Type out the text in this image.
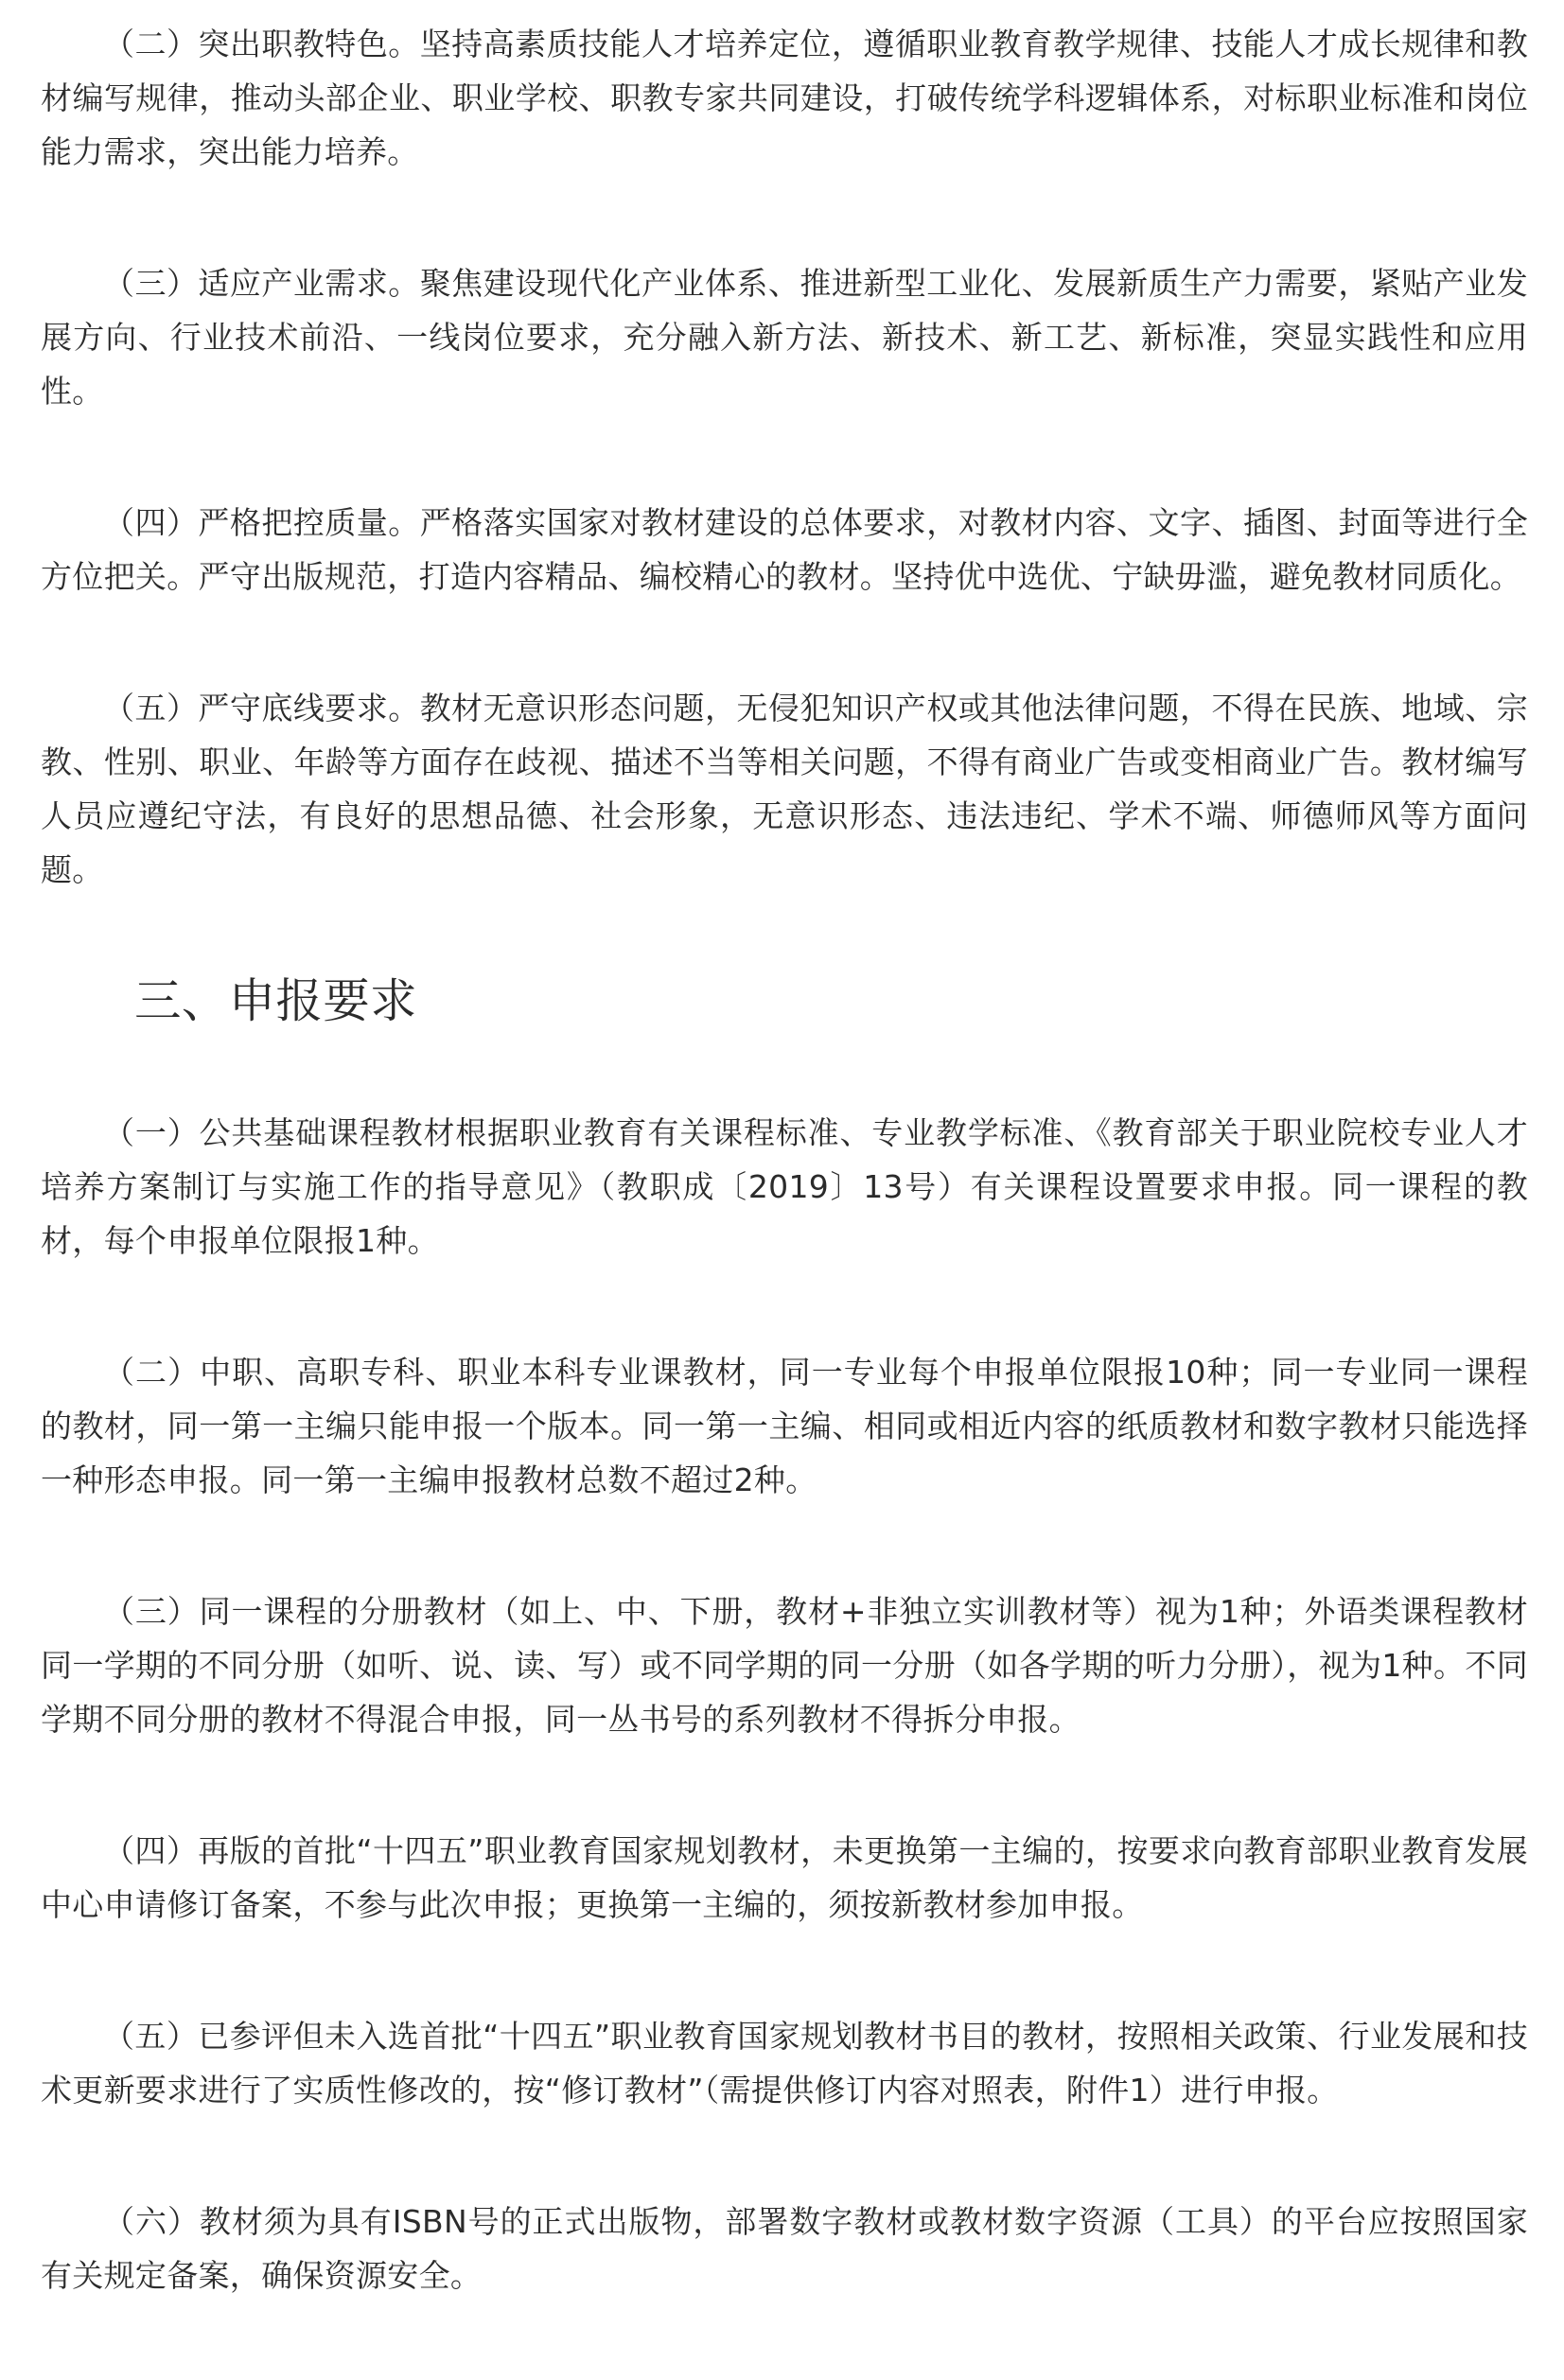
（二）突出职教特色。坚持高素质技能人才培养定位，遵循职业教育教学规律、技能人才成长规律和教材编写规律，推动头部企业、职业学校、职教专家共同建设，打破传统学科逻辑体系，对标职业标准和岗位能力需求，突出能力培养。

（三）适应产业需求。聚焦建设现代化产业体系、推进新型工业化、发展新质生产力需要，紧贴产业发展方向、行业技术前沿、一线岗位要求，充分融入新方法、新技术、新工艺、新标准，突显实践性和应用性。

（四）严格把控质量。严格落实国家对教材建设的总体要求，对教材内容、文字、插图、封面等进行全方位把关。严守出版规范，打造内容精品、编校精心的教材。坚持优中选优、宁缺毋滥，避免教材同质化。

（五）严守底线要求。教材无意识形态问题，无侵犯知识产权或其他法律问题，不得在民族、地域、宗教、性别、职业、年龄等方面存在歧视、描述不当等相关问题，不得有商业广告或变相商业广告。教材编写人员应遵纪守法，有良好的思想品德、社会形象，无意识形态、违法违纪、学术不端、师德师风等方面问题。

三、申报要求

（一）公共基础课程教材根据职业教育有关课程标准、专业教学标准、《教育部关于职业院校专业人才培养方案制订与实施工作的指导意见》（教职成〔2019〕13号）有关课程设置要求申报。同一课程的教材，每个申报单位限报1种。

（二）中职、高职专科、职业本科专业课教材，同一专业每个申报单位限报10种；同一专业同一课程的教材，同一第一主编只能申报一个版本。同一第一主编、相同或相近内容的纸质教材和数字教材只能选择一种形态申报。同一第一主编申报教材总数不超过2种。

（三）同一课程的分册教材（如上、中、下册，教材+非独立实训教材等）视为1种；外语类课程教材同一学期的不同分册（如听、说、读、写）或不同学期的同一分册（如各学期的听力分册），视为1种。不同学期不同分册的教材不得混合申报，同一丛书号的系列教材不得拆分申报。

（四）再版的首批“十四五”职业教育国家规划教材，未更换第一主编的，按要求向教育部职业教育发展中心申请修订备案，不参与此次申报；更换第一主编的，须按新教材参加申报。

（五）已参评但未入选首批“十四五”职业教育国家规划教材书目的教材，按照相关政策、行业发展和技术更新要求进行了实质性修改的，按“修订教材”（需提供修订内容对照表，附件1）进行申报。

（六）教材须为具有ISBN号的正式出版物，部署数字教材或教材数字资源（工具）的平台应按照国家有关规定备案，确保资源安全。
